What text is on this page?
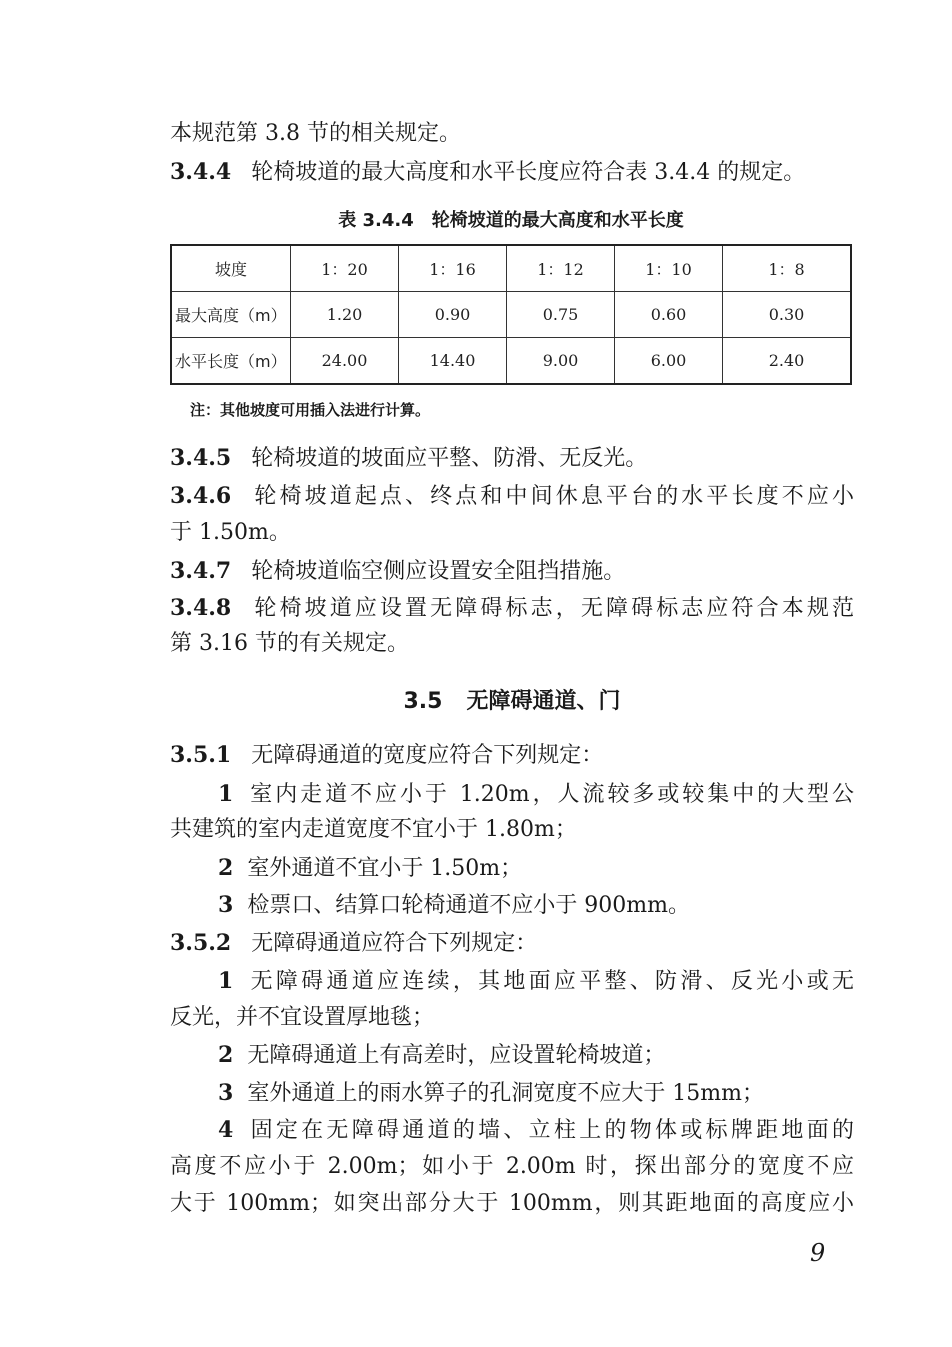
本规范第 3.8 节的相关规定。
3.4.4 轮椅坡道的最大高度和水平长度应符合表 3.4.4 的规定。
表 3.4.4 轮椅坡道的最大高度和水平长度
坡度	1：20	1：16	1：12	1：10	1：8
最大高度（m）	1.20	0.90	0.75	0.60	0.30
水平长度（m）	24.00	14.40	9.00	6.00	2.40
注：其他坡度可用插入法进行计算。
3.4.5 轮椅坡道的坡面应平整、防滑、无反光。
3.4.6 轮椅坡道起点、终点和中间休息平台的水平长度不应小
于 1.50m。
3.4.7 轮椅坡道临空侧应设置安全阻挡措施。
3.4.8 轮椅坡道应设置无障碍标志，无障碍标志应符合本规范
第 3.16 节的有关规定。
3.5 无障碍通道、门
3.5.1 无障碍通道的宽度应符合下列规定：
1 室内走道不应小于 1.20m，人流较多或较集中的大型公
共建筑的室内走道宽度不宜小于 1.80m；
2 室外通道不宜小于 1.50m；
3 检票口、结算口轮椅通道不应小于 900mm。
3.5.2 无障碍通道应符合下列规定：
1 无障碍通道应连续，其地面应平整、防滑、反光小或无
反光，并不宜设置厚地毯；
2 无障碍通道上有高差时，应设置轮椅坡道；
3 室外通道上的雨水箅子的孔洞宽度不应大于 15mm；
4 固定在无障碍通道的墙、立柱上的物体或标牌距地面的
高度不应小于 2.00m；如小于 2.00m 时，探出部分的宽度不应
大于 100mm；如突出部分大于 100mm，则其距地面的高度应小
9
